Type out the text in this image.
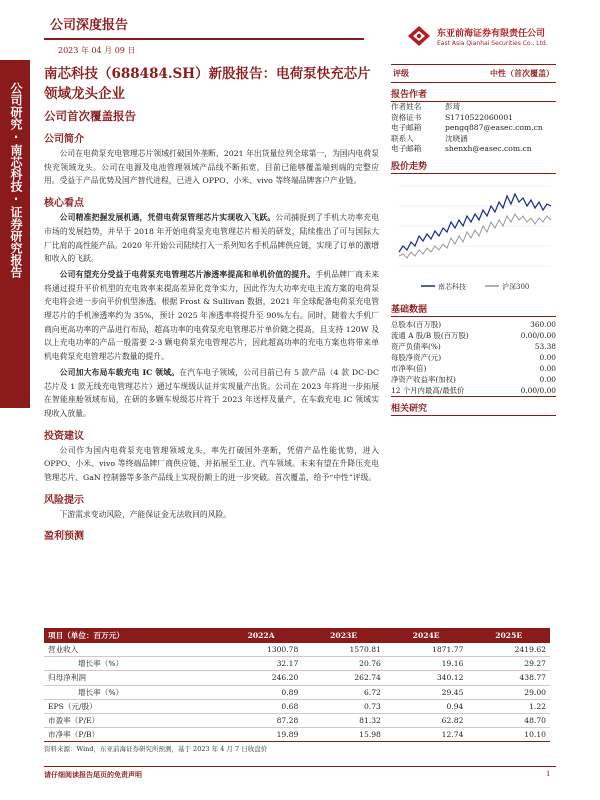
公司深度报告
2023 年 04 月 09 日
东亚前海证券有限责任公司
East Asia Qianhai Securities Co., Ltd.
公司研究·南芯科技·证券研究报告
南芯科技（688484.SH）新股报告：电荷泵快充芯片领域龙头企业
公司首次覆盖报告
公司简介

公司在电荷泵充电管理芯片领域打破国外垄断，2021 年出货量位列全球第一，为国内电荷泵快充领域龙头。公司在电源及电池管理领域产品线不断拓宽，目前已能够覆盖端到端的完整应用。受益于产品优势及国产替代进程，已进入 OPPO、小米、vivo 等终端品牌客户产业链。

核心看点

公司精准把握发展机遇，凭借电荷泵管理芯片实现收入飞跃。公司捕捉到了手机大功率充电市场的发展趋势，并早于 2018 年开始电荷泵充电管理芯片相关的研发，陆续推出了可与国际大厂比肩的高性能产品。2020 年开始公司陆续打入一系列知名手机品牌供应链，实现了订单的激增和收入的飞跃。

公司有望充分受益于电荷泵充电管理芯片渗透率提高和单机价值的提升。手机品牌厂商未来将通过提升平价机型的充电效率来提高差异化竞争实力，因此作为大功率充电主流方案的电荷泵充电将会进一步向平价机型渗透。根据 Frost & Sullivan 数据，2021 年全球配备电荷泵充电管理芯片的手机渗透率约为 35%，预计 2025 年渗透率将提升至 90%左右。同时，随着大手机厂商向更高功率的产品进行布局，超高功率的电荷泵充电管理芯片单价随之提高，且支持 120W 及以上充电功率的产品一般需要 2-3 颗电荷泵充电管理芯片，因此超高功率的充电方案也将带来单机电荷泵充电管理芯片数量的提升。

公司加大布局车载充电 IC 领域。在汽车电子领域，公司目前已有 5 款产品（4 款 DC-DC 芯片及 1 款无线充电管理芯片）通过车规级认证并实现量产出货。公司在 2023 年将进一步拓展在智能座舱领域布局，在研的多颗车规级芯片将于 2023 年送样及量产，在车载充电 IC 领域实现收入放量。

投资建议

公司作为国内电荷泵充电管理领域龙头，率先打破国外垄断，凭借产品性能优势，进入 OPPO、小米、vivo 等终端品牌厂商供应链，并拓展至工业、汽车领域。未来有望在升降压充电管理芯片、GaN 控制器等多条产品线上实现份额上的进一步突破。首次覆盖，给予“中性”评级。

风险提示

下游需求变动风险，产能保证金无法收回的风险。

盈利预测
项目（单位：百万元）	2022A	2023E	2024E	2025E
营业收入	1300.78	1570.81	1871.77	2419.62
增长率（%）	32.17	20.76	19.16	29.27
归母净利润	246.20	262.74	340.12	438.77
增长率（%）	0.89	6.72	29.45	29.00
EPS（元/股）	0.68	0.73	0.94	1.22
市盈率（P/E）	87.28	81.32	62.82	48.70
市净率（P/B）	19.89	15.98	12.74	10.10
资料来源：Wind，东亚前海证券研究所预测，基于 2023 年 4 月 7 日收盘价
评级	中性（首次覆盖）
报告作者
作者姓名	彭琦
资格证书	S1710522060001
电子邮箱	pengq887@easec.com.cn
联系人	沈晓涵
电子邮箱	shenxh@easec.com.cn
股价走势
南芯科技	沪深300
基础数据
总股本(百万股)	360.00
流通 A 股/B 股(百万股)	0.00/0.00
资产负债率(%)	53.38
每股净资产(元)	0.00
市净率(倍)	0.00
净资产收益率(加权)	0.00
12 个月内最高/最低价	0.00/0.00
相关研究
请仔细阅读报告尾页的免责声明	1
